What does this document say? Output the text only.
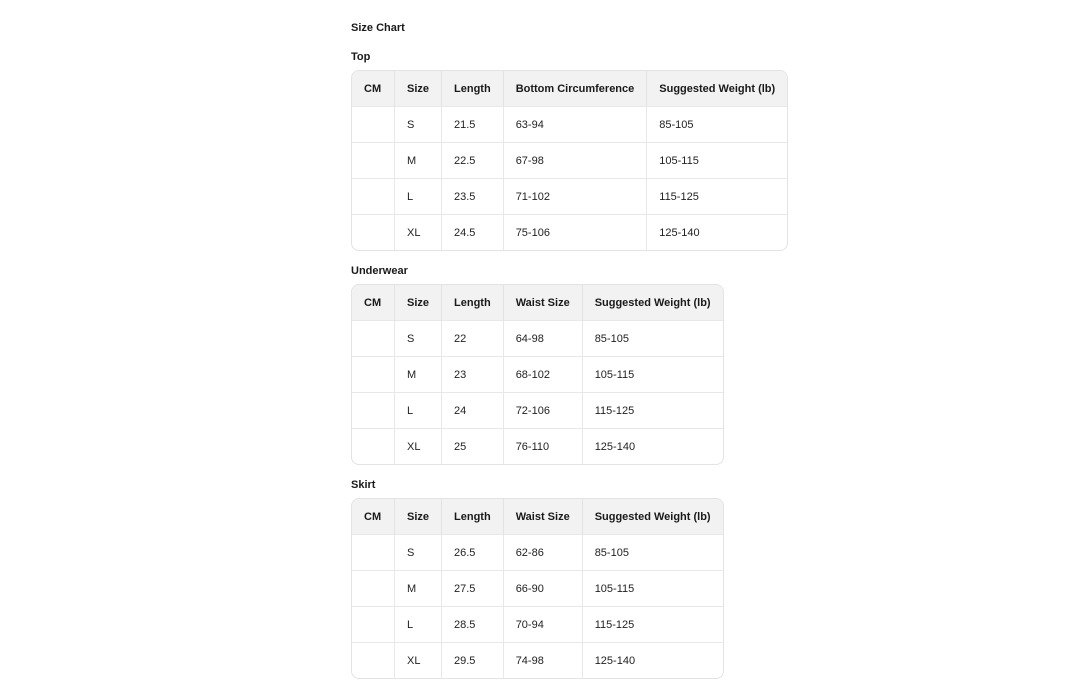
Size Chart
Top
CM	Size	Length	Bottom Circumference	Suggested Weight (lb)
	S	21.5	63-94	85-105
	M	22.5	67-98	105-115
	L	23.5	71-102	115-125
	XL	24.5	75-106	125-140
Underwear
CM	Size	Length	Waist Size	Suggested Weight (lb)
	S	22	64-98	85-105
	M	23	68-102	105-115
	L	24	72-106	115-125
	XL	25	76-110	125-140
Skirt
CM	Size	Length	Waist Size	Suggested Weight (lb)
	S	26.5	62-86	85-105
	M	27.5	66-90	105-115
	L	28.5	70-94	115-125
	XL	29.5	74-98	125-140
